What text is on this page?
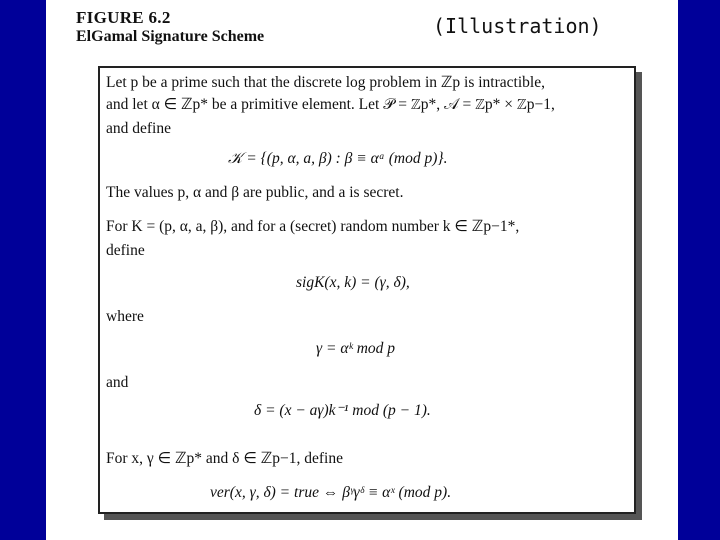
FIGURE 6.2
ElGamal Signature Scheme	(Illustration)
Let p be a prime such that the discrete log problem in ℤp is intractible,
and let α ∈ ℤp* be a primitive element. Let 𝒫 = ℤp*, 𝒜 = ℤp* × ℤp−1,
and define
𝒦 = {(p, α, a, β) : β ≡ αᵃ (mod p)}.
The values p, α and β are public, and a is secret.
For K = (p, α, a, β), and for a (secret) random number k ∈ ℤp−1*,
define
sigK(x, k) = (γ, δ),
where
γ = αᵏ mod p
and
δ = (x − aγ)k⁻¹ mod (p − 1).
For x, γ ∈ ℤp* and δ ∈ ℤp−1, define
ver(x, γ, δ) = true ⇔ βᵞγᵟ ≡ αˣ (mod p).
